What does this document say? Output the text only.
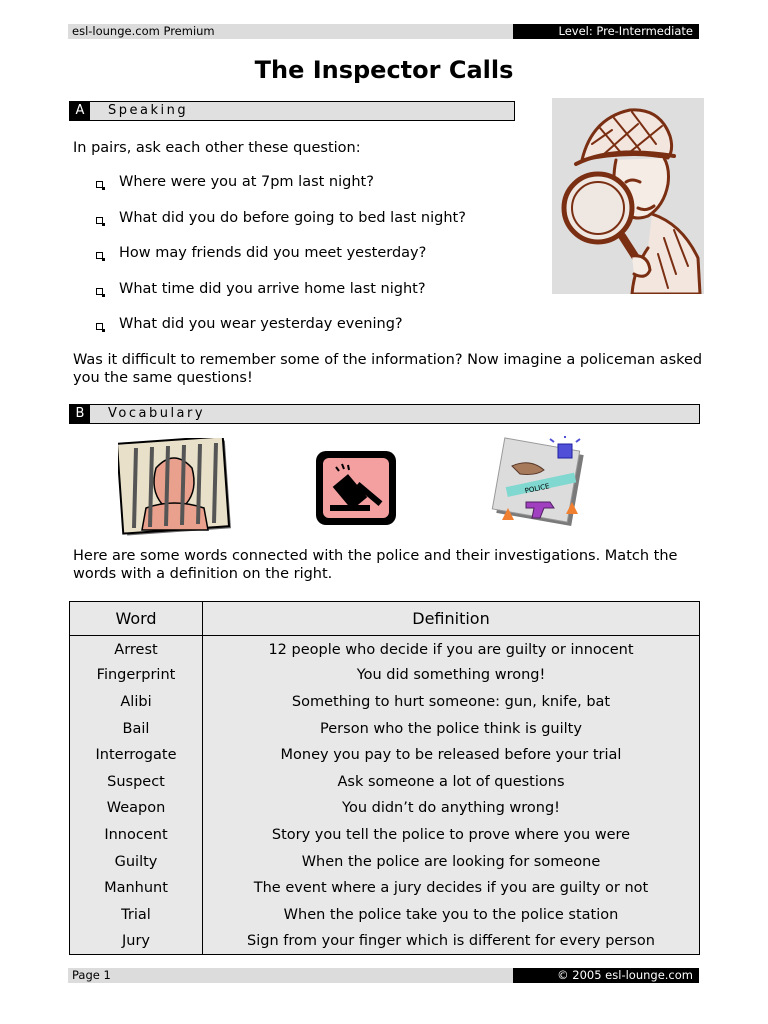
esl-lounge.com Premium	Level: Pre-Intermediate
The Inspector Calls
A	Speaking
In pairs, ask each other these question:
Where were you at 7pm last night?
What did you do before going to bed last night?
How may friends did you meet yesterday?
What time did you arrive home last night?
What did you wear yesterday evening?
Was it difficult to remember some of the information? Now imagine a policeman asked you the same questions!
B	Vocabulary
POLICE
Here are some words connected with the police and their investigations. Match the words with a definition on the right.
Word	Definition
Arrest	12 people who decide if you are guilty or innocent
Fingerprint	You did something wrong!
Alibi	Something to hurt someone: gun, knife, bat
Bail	Person who the police think is guilty
Interrogate	Money you pay to be released before your trial
Suspect	Ask someone a lot of questions
Weapon	You didn’t do anything wrong!
Innocent	Story you tell the police to prove where you were
Guilty	When the police are looking for someone
Manhunt	The event where a jury decides if you are guilty or not
Trial	When the police take you to the police station
Jury	Sign from your finger which is different for every person
Page 1	© 2005 esl-lounge.com
